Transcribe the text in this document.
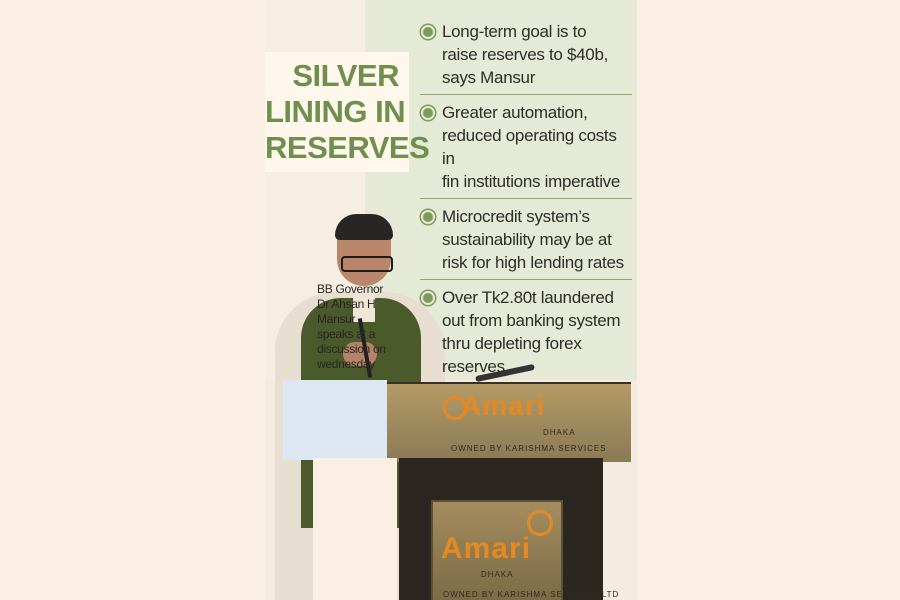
Amari
DHAKA
OWNED BY KARISHMA SERVICES
Amari
DHAKA
OWNED BY KARISHMA SERVICES LTD
BB Governor
Dr Ahsan H
Mansur
speaks at a
discussion on
wednesday
SILVER
LINING IN
RESERVES
Long-term goal is to
raise reserves to $40b,
says Mansur
Greater automation,
reduced operating costs in
fin institutions imperative
Microcredit system’s
sustainability may be at
risk for high lending rates
Over Tk2.80t laundered
out from banking system
thru depleting forex
reserves
